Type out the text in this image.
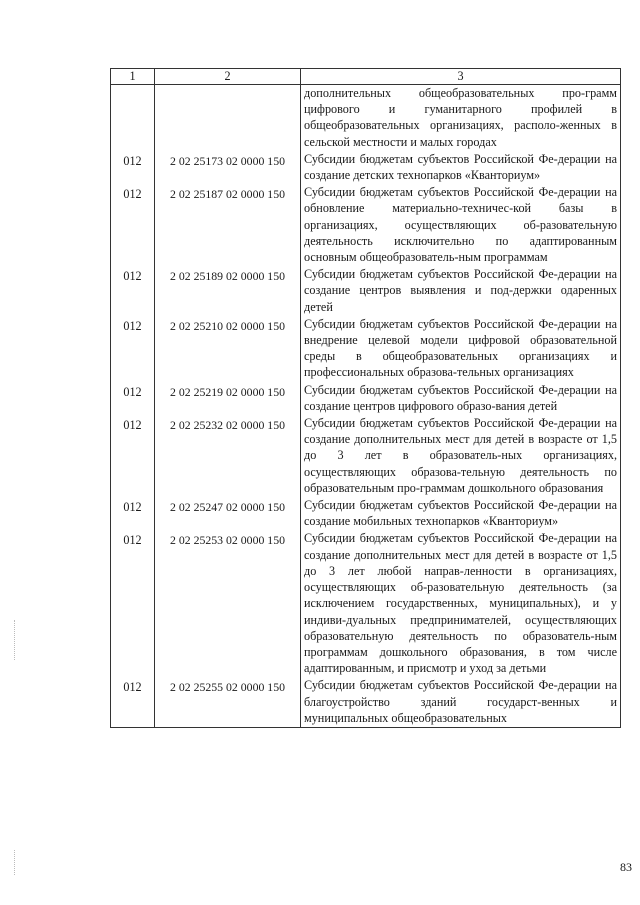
1	2	3
		дополнительных общеобразовательных про-грамм цифрового и гуманитарного профилей в общеобразовательных организациях, располо-женных в сельской местности и малых городах
012	2 02 25173 02 0000 150	Субсидии бюджетам субъектов Российской Фе-дерации на создание детских технопарков «Кванториум»
012	2 02 25187 02 0000 150	Субсидии бюджетам субъектов Российской Фе-дерации на обновление материально-техничес-кой базы в организациях, осуществляющих об-разовательную деятельность исключительно по адаптированным основным общеобразователь-ным программам
012	2 02 25189 02 0000 150	Субсидии бюджетам субъектов Российской Фе-дерации на создание центров выявления и под-держки одаренных детей
012	2 02 25210 02 0000 150	Субсидии бюджетам субъектов Российской Фе-дерации на внедрение целевой модели цифровой образовательной среды в общеобразовательных организациях и профессиональных образова-тельных организациях
012	2 02 25219 02 0000 150	Субсидии бюджетам субъектов Российской Фе-дерации на создание центров цифрового образо-вания детей
012	2 02 25232 02 0000 150	Субсидии бюджетам субъектов Российской Фе-дерации на создание дополнительных мест для детей в возрасте от 1,5 до 3 лет в образователь-ных организациях, осуществляющих образова-тельную деятельность по образовательным про-граммам дошкольного образования
012	2 02 25247 02 0000 150	Субсидии бюджетам субъектов Российской Фе-дерации на создание мобильных технопарков «Кванториум»
012	2 02 25253 02 0000 150	Субсидии бюджетам субъектов Российской Фе-дерации на создание дополнительных мест для детей в возрасте от 1,5 до 3 лет любой направ-ленности в организациях, осуществляющих об-разовательную деятельность (за исключением государственных, муниципальных), и у индиви-дуальных предпринимателей, осуществляющих образовательную деятельность по образователь-ным программам дошкольного образования, в том числе адаптированным, и присмотр и уход за детьми
012	2 02 25255 02 0000 150	Субсидии бюджетам субъектов Российской Фе-дерации на благоустройство зданий государст-венных и муниципальных общеобразовательных
83
